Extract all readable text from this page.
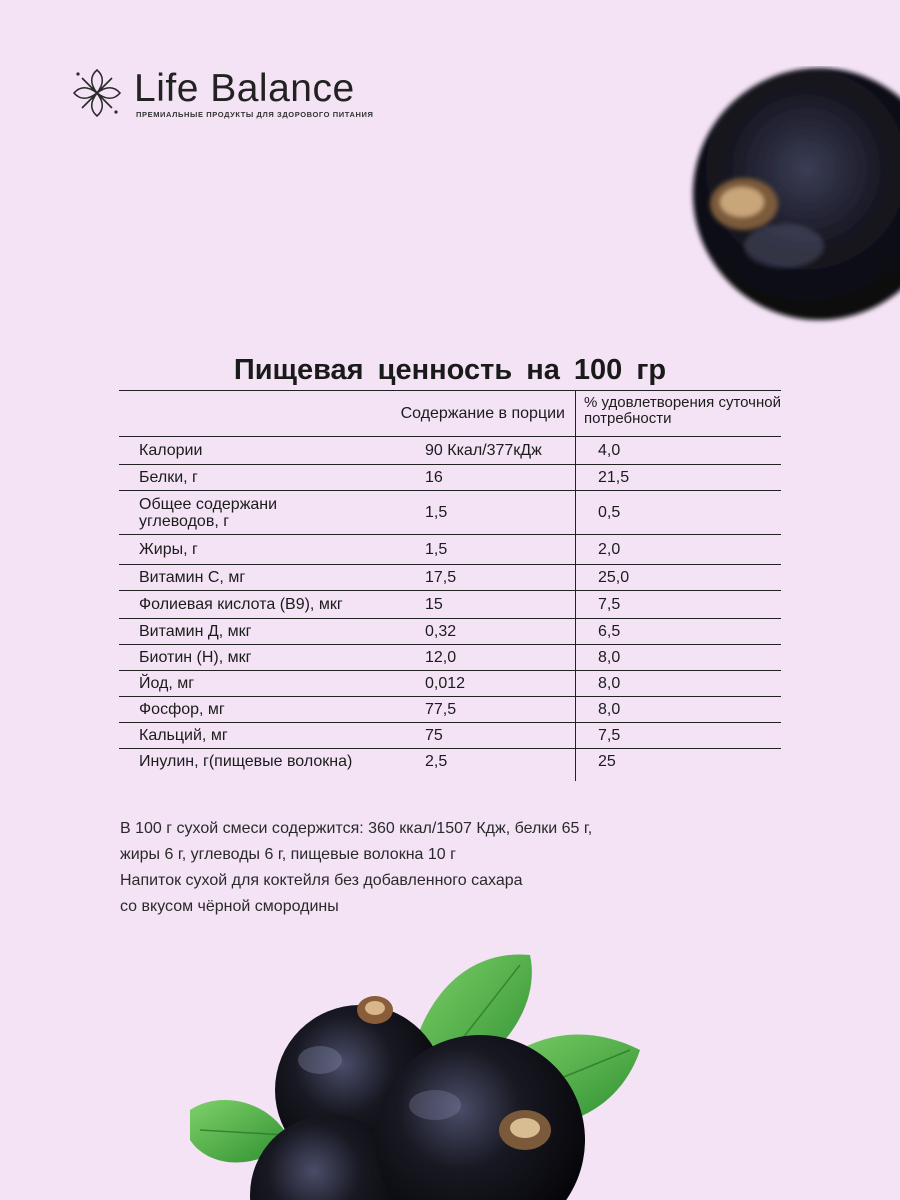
Life Balance
ПРЕМИАЛЬНЫЕ ПРОДУКТЫ ДЛЯ ЗДОРОВОГО ПИТАНИЯ
Пищевая ценность на 100 гр
	Содержание в порции	% удовлетворения суточной потребности
Калории	90 Ккал/377кДж	4,0
Белки, г	16	21,5
Общее содержани углеводов, г	1,5	0,5
Жиры, г	1,5	2,0
Витамин С, мг	17,5	25,0
Фолиевая кислота (В9), мкг	15	7,5
Витамин Д, мкг	0,32	6,5
Биотин (Н), мкг	12,0	8,0
Йод, мг	0,012	8,0
Фосфор, мг	77,5	8,0
Кальций, мг	75	7,5
Инулин, г(пищевые волокна)	2,5	25
В 100 г сухой смеси содержится: 360 ккал/1507 Кдж, белки 65 г,
жиры 6 г, углеводы 6 г, пищевые волокна 10 г
Напиток сухой для коктейля без добавленного сахара
со вкусом чёрной смородины
